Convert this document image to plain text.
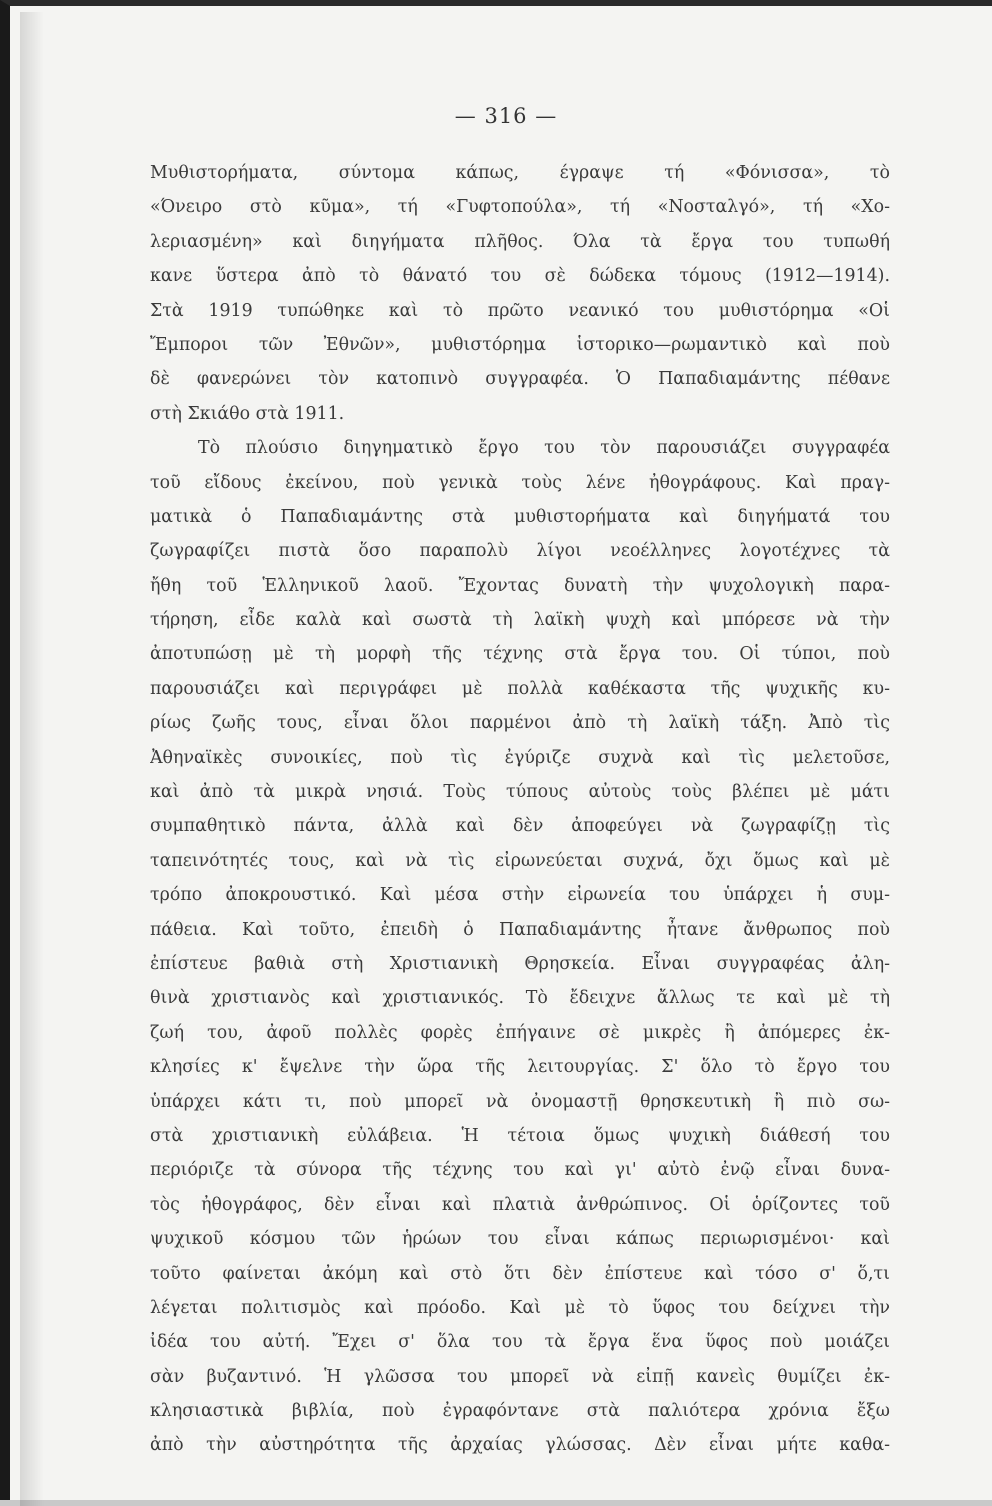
— 316 —
Μυθιστορήματα, σύντομα κάπως, έγραψε τή «Φόνισσα», τὸ
«Όνειρο στὸ κῦμα», τή «Γυφτοπούλα», τή «Νοσταλγό», τή «Χο-
λεριασμένη» καὶ διηγήματα πλῆθος. Όλα τὰ ἔργα του τυπωθή
κανε ὕστερα ἀπὸ τὸ θάνατό του σὲ δώδεκα τόμους (1912—1914).
Στὰ 1919 τυπώθηκε καὶ τὸ πρῶτο νεανικό του μυθιστόρημα «Οἱ
Ἔμποροι τῶν Ἐθνῶν», μυθιστόρημα ἱστορικο—ρωμαντικὸ καὶ ποὺ
δὲ φανερώνει τὸν κατοπινὸ συγγραφέα. Ὁ Παπαδιαμάντης πέθανε
στὴ Σκιάθο στὰ 1911.
Τὸ πλούσιο διηγηματικὸ ἔργο του τὸν παρουσιάζει συγγραφέα
τοῦ εἴδους ἐκείνου, ποὺ γενικὰ τοὺς λένε ἠθογράφους. Καὶ πραγ-
ματικὰ ὁ Παπαδιαμάντης στὰ μυθιστορήματα καὶ διηγήματά του
ζωγραφίζει πιστὰ ὅσο παραπολὺ λίγοι νεοέλληνες λογοτέχνες τὰ
ἤθη τοῦ Ἑλληνικοῦ λαοῦ. Ἔχοντας δυνατὴ τὴν ψυχολογικὴ παρα-
τήρηση, εἶδε καλὰ καὶ σωστὰ τὴ λαϊκὴ ψυχὴ καὶ μπόρεσε νὰ τὴν
ἀποτυπώσῃ μὲ τὴ μορφὴ τῆς τέχνης στὰ ἔργα του. Οἱ τύποι, ποὺ
παρουσιάζει καὶ περιγράφει μὲ πολλὰ καθέκαστα τῆς ψυχικῆς κυ-
ρίως ζωῆς τους, εἶναι ὅλοι παρμένοι ἀπὸ τὴ λαϊκὴ τάξη. Ἀπὸ τὶς
Ἀθηναϊκὲς συνοικίες, ποὺ τὶς ἐγύριζε συχνὰ καὶ τὶς μελετοῦσε,
καὶ ἀπὸ τὰ μικρὰ νησιά. Τοὺς τύπους αὐτοὺς τοὺς βλέπει μὲ μάτι
συμπαθητικὸ πάντα, ἀλλὰ καὶ δὲν ἀποφεύγει νὰ ζωγραφίζῃ τὶς
ταπεινότητές τους, καὶ νὰ τὶς εἰρωνεύεται συχνά, ὄχι ὅμως καὶ μὲ
τρόπο ἀποκρουστικό. Καὶ μέσα στὴν εἰρωνεία του ὑπάρχει ἡ συμ-
πάθεια. Καὶ τοῦτο, ἐπειδὴ ὁ Παπαδιαμάντης ἦτανε ἄνθρωπος ποὺ
ἐπίστευε βαθιὰ στὴ Χριστιανικὴ Θρησκεία. Εἶναι συγγραφέας ἀλη-
θινὰ χριστιανὸς καὶ χριστιανικός. Τὸ ἔδειχνε ἄλλως τε καὶ μὲ τὴ
ζωή του, ἀφοῦ πολλὲς φορὲς ἐπήγαινε σὲ μικρὲς ἢ ἀπόμερες ἐκ-
κλησίες κ' ἔψελνε τὴν ὥρα τῆς λειτουργίας. Σ' ὅλο τὸ ἔργο του
ὑπάρχει κάτι τι, ποὺ μπορεῖ νὰ ὀνομαστῇ θρησκευτικὴ ἢ πιὸ σω-
στὰ χριστιανικὴ εὐλάβεια. Ἡ τέτοια ὅμως ψυχικὴ διάθεσή του
περιόριζε τὰ σύνορα τῆς τέχνης του καὶ γι' αὐτὸ ἐνῷ εἶναι δυνα-
τὸς ἠθογράφος, δὲν εἶναι καὶ πλατιὰ ἀνθρώπινος. Οἱ ὁρίζοντες τοῦ
ψυχικοῦ κόσμου τῶν ἡρώων του εἶναι κάπως περιωρισμένοι· καὶ
τοῦτο φαίνεται ἀκόμη καὶ στὸ ὅτι δὲν ἐπίστευε καὶ τόσο σ' ὅ,τι
λέγεται πολιτισμὸς καὶ πρόοδο. Καὶ μὲ τὸ ὕφος του δείχνει τὴν
ἰδέα του αὐτή. Ἔχει σ' ὅλα του τὰ ἔργα ἕνα ὕφος ποὺ μοιάζει
σὰν βυζαντινό. Ἡ γλῶσσα του μπορεῖ νὰ εἰπῇ κανεὶς θυμίζει ἐκ-
κλησιαστικὰ βιβλία, ποὺ ἐγραφόντανε στὰ παλιότερα χρόνια ἔξω
ἀπὸ τὴν αὐστηρότητα τῆς ἀρχαίας γλώσσας. Δὲν εἶναι μήτε καθα-
